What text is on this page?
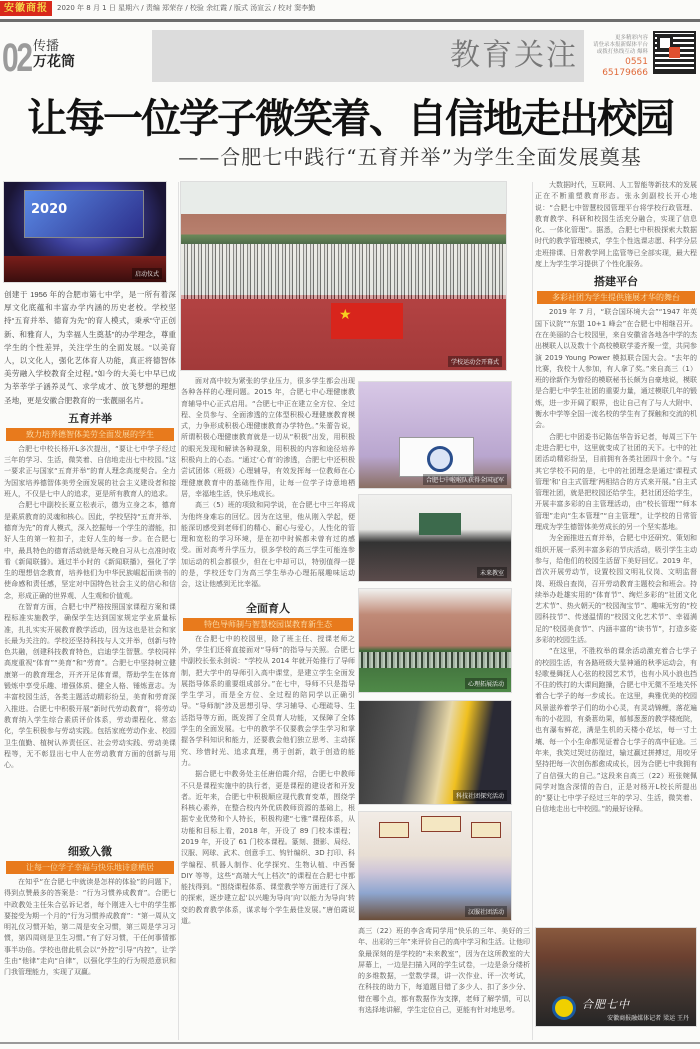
安徽商报	2020 年 8 月 1 日 星期六 / 责编 郑荣存 / 校验 余红霞 / 版式 汤宣云 / 校对 窦李勤
02 传播
万花筒	教育关注	更多精彩内容
请登录本报新媒体平台
或拨打热线互动 爆料
0551 65179666
让每一位学子微笑着、自信地走出校园
——合肥七中践行“五育并举”为学生全面发展奠基
2020
启动仪式
★
学校运动会开幕式
合肥七中啦啦队获得全国冠军
未来教室
心理拓展活动
科技社团探究活动
汉服社团活动
合肥七中
安徽商报融媒体记者 梁运 王丹

创建于 1956 年的合肥市第七中学，是一所有着深厚文化底蕴和丰富办学内涵的历史老校。学校坚持“五育并举、德育为先”的育人模式，秉承“守正创新、和雅育人，为幸福人生奠基”的办学理念，尊重学生的个性差异，关注学生的全面发展。“以美育人，以文化人，强化艺体育人功能，真正将德智体美劳融入学校教育全过程。”如今的大美七中早已成为莘莘学子涵养灵气、求学成才、放飞梦想的理想圣地，更是安徽合肥教育的一张靓丽名片。

五育并举
致力培养德智体美劳全面发展的学生

合肥七中校长杨开L多次提出，“要让七中学子经过三年的学习、生活，微笑着、自信地走出七中校园。”这一要求正与国家“五育并举”的育人理念高度契合。全力为国家培养德智体美劳全面发展的社会主义建设者和接班人，不仅是七中人的追求，更是所有教育人的追求。

合肥七中副校长夏立松表示，德为立身之本，德育是素质教育的灵魂和核心。因此，学校坚持“五育并举、德育为先”的育人模式，深入挖掘每一个学生的潜能，扣好人生的第一粒扣子，走好人生的每一步。在合肥七中，最具特色的德育活动就是每天晚自习从七点准时收看《新闻联播》。通过半小时的《新闻联播》，强化了学生的理想信念教育，培养他们为中华民族崛起而读书的使命感和责任感，坚定对中国特色社会主义的信心和信念，形成正确的世界观、人生观和价值观。

在智育方面，合肥七中严格按照国家课程方案和课程标准实施教学，确保学生达到国家规定学业质量标准，扎扎实实开展教育教学活动，因为这也是社会和家长最为关注的。学校还坚持科技与人文并举，创新与特色共融，创建科技教育特色，启迪学生智慧。学校同样高度重视“体育”“美育”和“劳育”。合肥七中坚持树立健康第一的教育理念，开齐开足体育课，帮助学生在体育锻炼中享受乐趣、增强体质、健全人格、锤炼意志。为丰富校园生活，各类主题活动精彩纷呈，美育和劳育深入推进。合肥七中积极开展“新时代劳动教育”，将劳动教育纳入学生综合素质评价体系，劳动课程化、常态化，学生积极参与劳动实践。包括家庭劳动作业、校园卫生值勤、植树认养责任区、社会劳动实践、劳动美课程等，无不彰显出七中人在劳动教育方面的创新与用心。

细致入微
让每一位学子幸福与快乐地诗意栖居

在知乎“在合肥七中就读是怎样的体验”的问题下，得到点赞最多的答案是：“行为习惯养成教育”。合肥七中政教处主任朱合弘诉记者，每个刚进入七中的学生都要接受为期一个月的“行为习惯养成教育”：“第一周从文明礼仪习惯开始，第二周是安全习惯，第三周是学习习惯，第四周则是卫生习惯。”有了好习惯，干任何事情都事半功倍。学校也借此机会以“外控”引导“内控”，让学生由“他律”走向“自律”，以强化学生的行为规范意识和门我管理能力，实现了双赢。

面对高中较为紧张的学业压力，很多学生都会出现各种各样的心理问题。2015 年，合肥七中心理健康教育辅导中心正式启用。“合肥七中正在建立全方位、全过程、全员参与、全面渗透的立体型积极心理健康教育模式，力争形成积极心理健康教育办学特色。”朱蕾告说，所谓积极心理健康教育就是一切从“积极”出发，用积极的眼光发现和解读各种现象，用积极的内容和途径培养积极向上的心态。“通过‘心育’的渗透，合肥七中还积极尝试团体（班级）心理辅导，有效发挥每一位教师在心理健康教育中的基础性作用，让每一位学子诗意地栖居，幸福地生活，快乐地成长。

高三（5）班的项致和同学说，在合肥七中三年将成为他终身难忘的回忆。因为在这里，他从刚入学起，便能深切感受到老师们的精心、耐心与爱心，人性化的管理和宽松的学习环境，是在初中时候都未曾有过的感受。面对高考升学压力，很多学校的高三学生可能连参加运动的机会都很少，但在七中却可以，特别值得一提的是，学校还专门为高三学生举办心理拓展趣味运动会，这让他感到无比幸福。

全面育人
特色导师制与智慧校园谋教育新生态

在合肥七中的校园里，除了班主任、授课老师之外，学生们还将直接面对“导师”的指导与关照。合肥七中副校长张永剑说：“学校从 2014 年就开始推行了导师制，把大学中的导师引入高中课堂，是建立学生全面发展指导体系的重要组成部分。”在七中，导师不只是指导学生学习，而是全方位、全过程的陪同学以正确引导。“导师制”涉及思想引导、学习辅导、心理疏导、生活指导等方面，既发挥了全员育人功能，又保障了全体学生的全面发展。七中的教学不仅要教会学生学习和掌握各学科知识和能力，还要教会他们独立思考、主动探究、珍惜时光、追求真理，勇于创新，敢于创造的能力。

据合肥七中教务处主任唐伯霞介绍，合肥七中教师不只是课程实施中的执行者，更是课程的建设者和开发者。近年来，合肥七中积极顺应现代教育变革，围绕学科核心素养，在整合校内外优质教师资源的基础上，根据专业优势和个人特长，积极构建“七雅”课程体系，从功能和目标上看，2018 年，开设了 89 门校本课程；2019 年，开设了 61 门校本课程。篆刻、摄影、局经、汉服、网球、武术、创意手工、钩针编织、3D 打印、科学编程、机器人制作、化学探究、生物认植、中西餐 DIY 等等，这些“高端大气上档次”的课程在合肥七中都能找得到。“围绕课程体系、课堂教学等方面进行了深入的探索，逐步建立起‘以兴趣为导向’向‘以能力为导向’转变的教育教学体系，谋求每个学生最佳发展。”唐伯霞说道。

高三（22）班的李含鸢同学用“快乐的三年、美好的三年、出彩的三年”来评价自己的高中学习和生活。让他印象最深刻的是学校的“未来教室”，因为在这所教室的大屏幕上，一边是扫描入网的学生试卷，一边是条分缕析的多维数据，一堂数学课，讲一次作业、评一次考试，在科技的助力下，每道题目错了多少人、扣了多少分、错在哪个点，都有数据作为支撑，老师了解学情，可以有选择地讲解，学生定位自己，更能有针对地思考。

大数据时代，互联网、人工智能等新技术的发展正在不断重塑教育形态。张永剑副校长开心地说：“合肥七中智慧校园管理平台将学校行政管理、教育教学、科研和校园生活充分融合，实现了信息化、一体化管理”。据悉，合肥七中积极探索大数据时代的教学管理模式，学生个性选课志愿、科学分层走班排课、日常教学网上监管等已全部实现，最大程度上为学生学习提供了个性化服务。

搭建平台
多彩社团为学生提供施展才华的舞台

2019 年 7 月，“联合国环境大会”“1947 年英国下议院”“东盟 10+1 峰会”在合肥七中相继召开。在在美丽的合七校园里，来自安徽省各地各中学的杰出模联人以及数十个高校模联学委齐聚一堂，共同参演 2019 Young Power 模拟联合国大会。“去年的比赛，我校十人参加，有人拿了奖。”来自高三（1）班的徐新作为曾经的模联秘书长颇为自豪地说，模联是合肥七中学生社团的重要力量，通过模联几年的锻炼，进一步开阔了眼界，也让自己有了与人大附中、衡水中学等全国一流名校的学生有了探触和交流的机会。

合肥七中团委书记陈伍华告诉记者，每周三下午走进合肥七中，这里就变成了社团的天下。七中的社团活动精彩纷呈，目前拥有各类社团四十余个。“与其它学校不同的是，七中的社团理念是通过‘课程式管理’和‘自主式管理’两相结合的方式来开展。”自主式管理社团，就是把校园还给学生，把社团还给学生，开展丰富多彩的自主管理活动，由“校长管理”“师本管理”走向“生本管理”“自主管理”，让学校的日常管理成为学生德智体美劳成长的另一个坚实基地。

为全面推进五育并举，合肥七中还研究、策划和组织开展一系列丰富多彩的节庆活动，吸引学生主动参与，给他们的校园生活留下美好回忆。2019 年，首次开展劳动节，设置校园文明礼仪岗、文明监督岗、班级自查岗，召开劳动教育主题校会和班会。持续举办赴雄实用的“体育节”、绚烂多彩的“社团文化艺术节”、热火朝天的“校园淘宝节”、趣味无穷的“校园科技节”、传递温情的“校园文化艺术节”、幸福满足的“校园美食节”、内涵丰富的“读书节”，打造多姿多彩的校园生活。

“在这里，不胜枚举的课余活动激充着合七学子的校园生活，有各路班级大显神通的秋季运动会，有轻歌曼舞抚人心弦的校园艺术节，也有小风小浪也挡不住的铁打的大课间跑操，合肥七中无微不至地关怀着合七学子的每一步成长。在这里，典雅优美的校园风景滋养着学子们的幼小心灵，有灵动锦鲤，落花遍布的小花园，有桑葚幼果，郁郁葱葱的教学楼庭院，也有瀑布鲜花，满是生机的天楼小花坛，每一寸土壤、每一个小生命都见证着合七学子的高中征途。三年来，我笑过哭过彷徨过，输过赢过拼搏过，用咬牙坚持把每一次创伤都愈成成长，因为合肥七中我拥有了自信强大的自己。”这段来自高三（22）班张婉佩同学对饱含深情的告白，正是对杨开L校长所提出的“要让七中学子经过三年的学习、生活，微笑着、自信地走出七中校园。”的最好诠释。
